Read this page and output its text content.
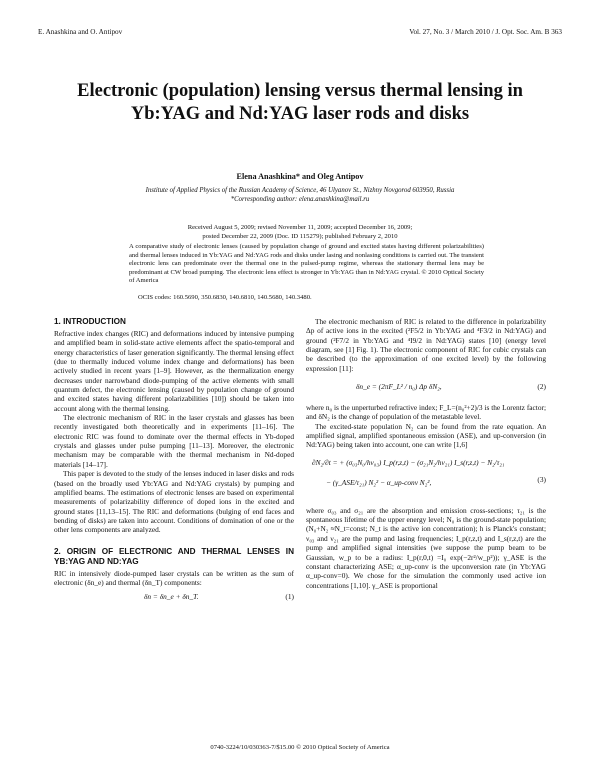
E. Anashkina and O. Antipov	Vol. 27, No. 3 / March 2010 / J. Opt. Soc. Am. B 363
Electronic (population) lensing versus thermal lensing in Yb:YAG and Nd:YAG laser rods and disks
Elena Anashkina* and Oleg Antipov
Institute of Applied Physics of the Russian Academy of Science, 46 Ulyanov St., Nizhny Novgorod 603950, Russia
*Corresponding author: elena.anashkina@mail.ru
Received August 5, 2009; revised November 11, 2009; accepted December 16, 2009;
posted December 22, 2009 (Doc. ID 115279); published February 2, 2010
A comparative study of electronic lenses (caused by population change of ground and excited states having different polarizabilities) and thermal lenses induced in Yb:YAG and Nd:YAG rods and disks under lasing and nonlasing conditions is carried out. The transient electronic lens can predominate over the thermal one in the pulsed-pump regime, whereas the stationary thermal lens may be predominant at CW broad pumping. The electronic lens effect is stronger in Yb:YAG than in Nd:YAG crystal. © 2010 Optical Society of America
OCIS codes: 160.5690, 350.6830, 140.6810, 140.5680, 140.3480.
1. INTRODUCTION

Refractive index changes (RIC) and deformations induced by intensive pumping and amplified beam in solid-state active elements affect the spatio-temporal and energy characteristics of laser generation significantly. The thermal lensing effect (due to thermally induced volume index change and deformations) has been actively studied in recent years [1–9]. However, as the thermalization energy decreases under narrowband diode-pumping of the active elements with small quantum defect, the electronic lensing (caused by population change of ground and excited states having different polarizabilities [10]) should be taken into account along with the thermal lensing.

The electronic mechanism of RIC in the laser crystals and glasses has been recently investigated both theoretically and in experiments [11–16]. The electronic RIC was found to dominate over the thermal effects in Yb-doped crystals and glasses under pulse pumping [11–13]. Moreover, the electronic mechanism may be comparable with the thermal mechanism in Nd-doped materials [14–17].

This paper is devoted to the study of the lenses induced in laser disks and rods (based on the broadly used Yb:YAG and Nd:YAG crystals) by pumping and amplified beams. The estimations of electronic lenses are based on experimental measurements of polarizability difference of doped ions in the excited and ground states [11,13–15]. The RIC and deformations (bulging of end faces and bending of disks) are taken into account. Conditions of domination of one or the other lens components are analyzed.

2. ORIGIN OF ELECTRONIC AND THERMAL LENSES IN YB:YAG AND ND:YAG

RIC in intensively diode-pumped laser crystals can be written as the sum of electronic (δn_e) and thermal (δn_T) components:

δn = δn_e + δn_T.	(1)

The electronic mechanism of RIC is related to the difference in polarizability Δp of active ions in the excited (²F5/2 in Yb:YAG and ⁴F3/2 in Nd:YAG) and ground (²F7/2 in Yb:YAG and ⁴I9/2 in Nd:YAG) states [10] (energy level diagram, see [1] Fig. 1). The electronic component of RIC for cubic crystals can be described (to the approximation of one excited level) by the following expression [11]:

δn_e = (2πF_L² / n₀) Δp δN₂,	(2)

where n₀ is the unperturbed refractive index; F_L=(n₀²+2)/3 is the Lorentz factor; and δN₂ is the change of population of the metastable level.

The excited-state population N₂ can be found from the rate equation. An amplified signal, amplified spontaneous emission (ASE), and up-conversion (in Nd:YAG) being taken into account, one can write [1,6]

∂N₂/∂t = + (σ₀₃N₀/hν₀₃) I_p(r,z,t) − (σ₂₁N₂/hν₂₁) I_s(r,z,t) − N₂/τ₂₁
− (γ_ASE/τ₂₁) N₂² − α_up-conv N₂²,	(3)

where σ₀₃ and σ₂₁ are the absorption and emission cross-sections; τ₂₁ is the spontaneous lifetime of the upper energy level; N₀ is the ground-state population; (N₀+N₂ ≈N_t=const; N_t is the active ion concentration); h is Planck's constant; ν₀₃ and ν₂₁ are the pump and lasing frequencies; I_p(r,z,t) and I_s(r,z,t) are the pump and amplified signal intensities (we suppose the pump beam to be Gaussian, w_p to be a radius: I_p(r,0,t) =I₀ exp(−2r²/w_p²)); γ_ASE is the constant characterizing ASE; α_up-conv is the upconversion rate (in Yb:YAG α_up-conv=0). We chose for the simulation the commonly used active ion concentrations [1,10]. γ_ASE is proportional

0740-3224/10/030363-7/$15.00 © 2010 Optical Society of America
